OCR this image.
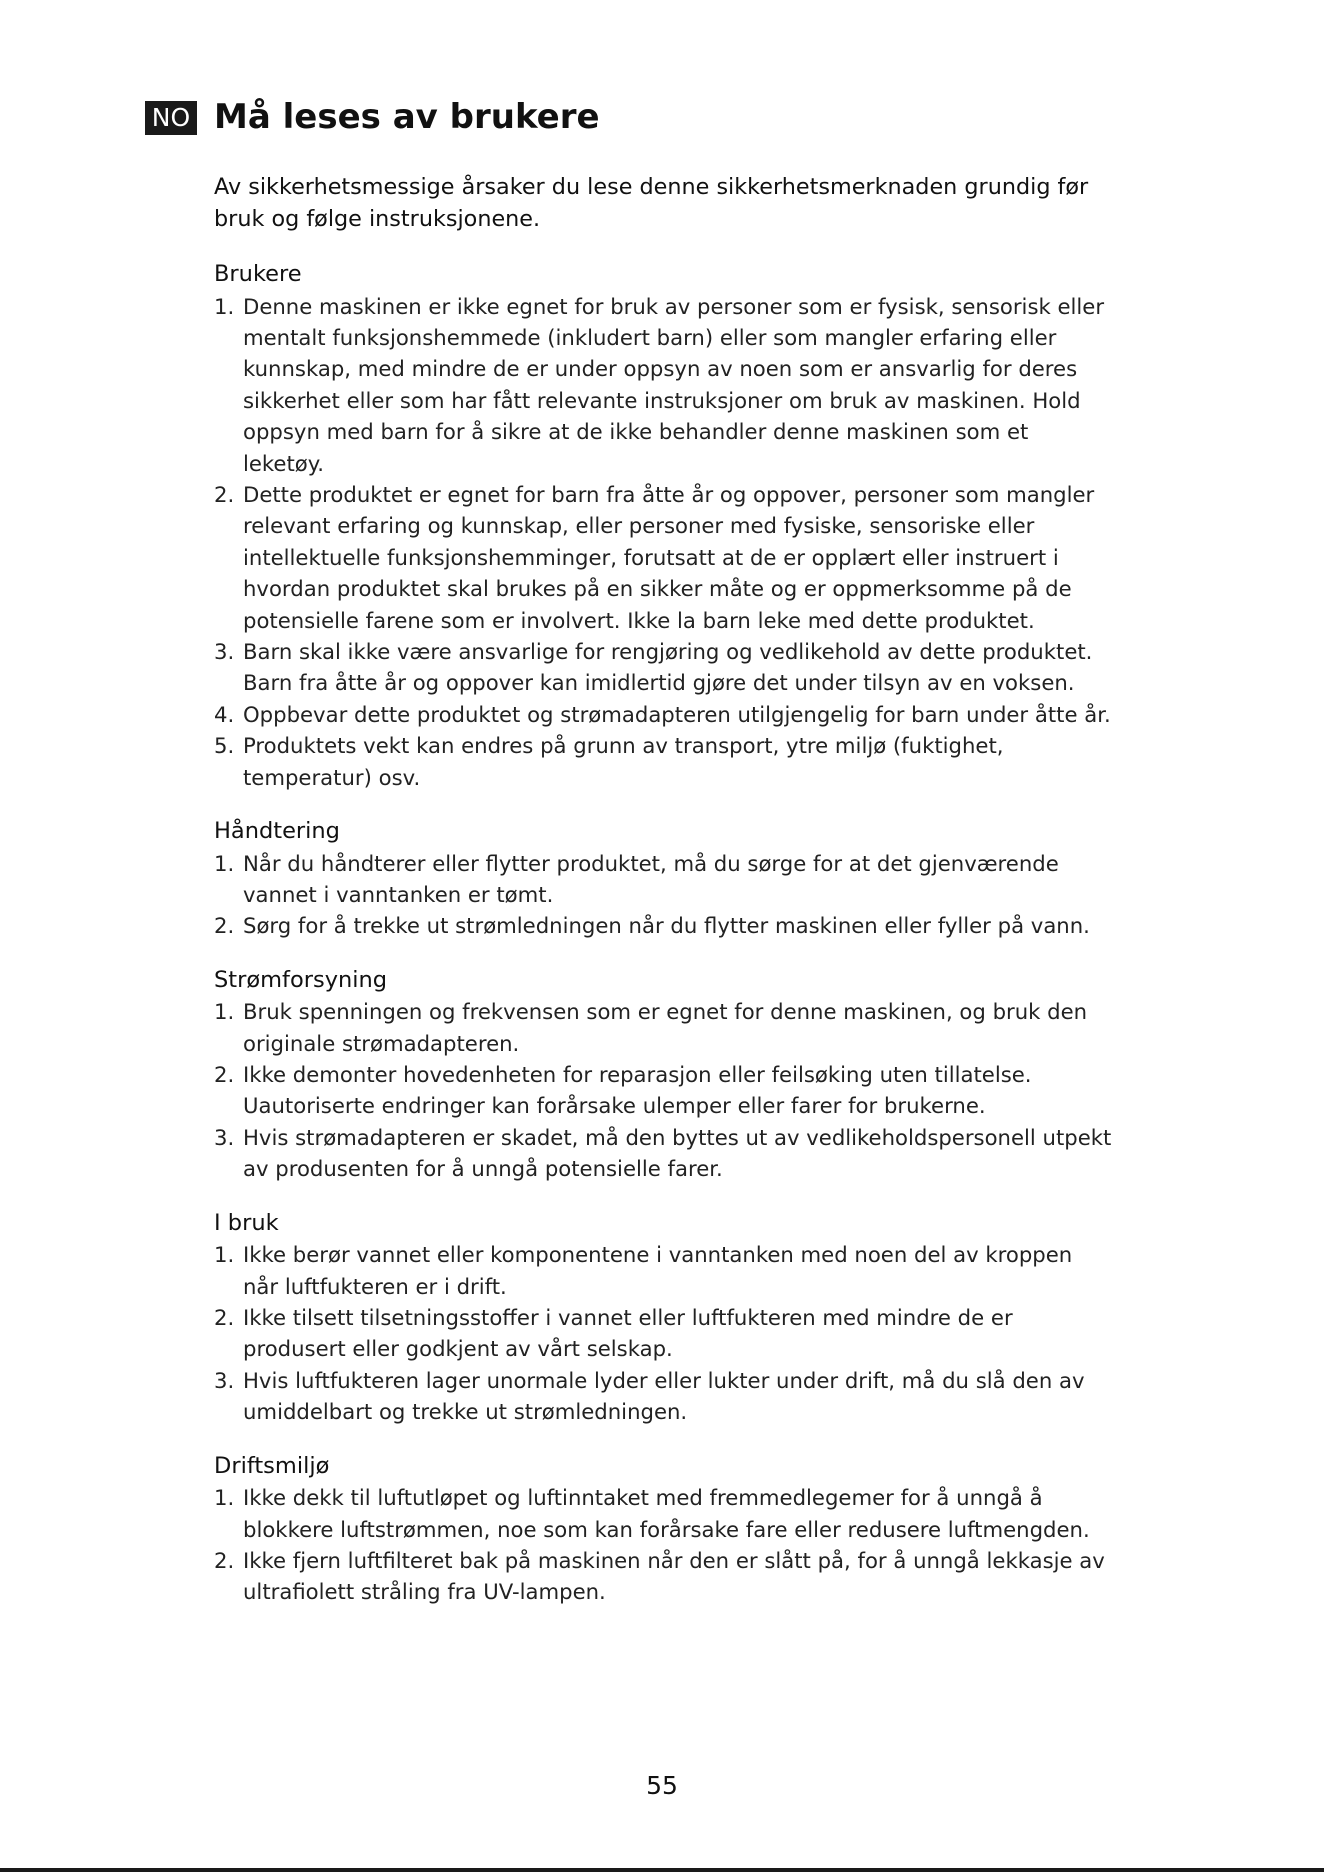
NO Må leses av brukere

Av sikkerhetsmessige årsaker du lese denne sikkerhetsmerknaden grundig før bruk og følge instruksjonene.

Brukere
1. Denne maskinen er ikke egnet for bruk av personer som er fysisk, sensorisk eller mentalt funksjonshemmede (inkludert barn) eller som mangler erfaring eller kunnskap, med mindre de er under oppsyn av noen som er ansvarlig for deres sikkerhet eller som har fått relevante instruksjoner om bruk av maskinen. Hold oppsyn med barn for å sikre at de ikke behandler denne maskinen som et leketøy.
2. Dette produktet er egnet for barn fra åtte år og oppover, personer som mangler relevant erfaring og kunnskap, eller personer med fysiske, sensoriske eller intellektuelle funksjonshemminger, forutsatt at de er opplært eller instruert i hvordan produktet skal brukes på en sikker måte og er oppmerksomme på de potensielle farene som er involvert. Ikke la barn leke med dette produktet.
3. Barn skal ikke være ansvarlige for rengjøring og vedlikehold av dette produktet. Barn fra åtte år og oppover kan imidlertid gjøre det under tilsyn av en voksen.
4. Oppbevar dette produktet og strømadapteren utilgjengelig for barn under åtte år.
5. Produktets vekt kan endres på grunn av transport, ytre miljø (fuktighet, temperatur) osv.
Håndtering
1. Når du håndterer eller flytter produktet, må du sørge for at det gjenværende vannet i vanntanken er tømt.
2. Sørg for å trekke ut strømledningen når du flytter maskinen eller fyller på vann.
Strømforsyning
1. Bruk spenningen og frekvensen som er egnet for denne maskinen, og bruk den originale strømadapteren.
2. Ikke demonter hovedenheten for reparasjon eller feilsøking uten tillatelse. Uautoriserte endringer kan forårsake ulemper eller farer for brukerne.
3. Hvis strømadapteren er skadet, må den byttes ut av vedlikeholdspersonell utpekt av produsenten for å unngå potensielle farer.
I bruk
1. Ikke berør vannet eller komponentene i vanntanken med noen del av kroppen når luftfukteren er i drift.
2. Ikke tilsett tilsetningsstoffer i vannet eller luftfukteren med mindre de er produsert eller godkjent av vårt selskap.
3. Hvis luftfukteren lager unormale lyder eller lukter under drift, må du slå den av umiddelbart og trekke ut strømledningen.
Driftsmiljø
1. Ikke dekk til luftutløpet og luftinntaket med fremmedlegemer for å unngå å blokkere luftstrømmen, noe som kan forårsake fare eller redusere luftmengden.
2. Ikke fjern luftfilteret bak på maskinen når den er slått på, for å unngå lekkasje av ultrafiolett stråling fra UV-lampen.
55
